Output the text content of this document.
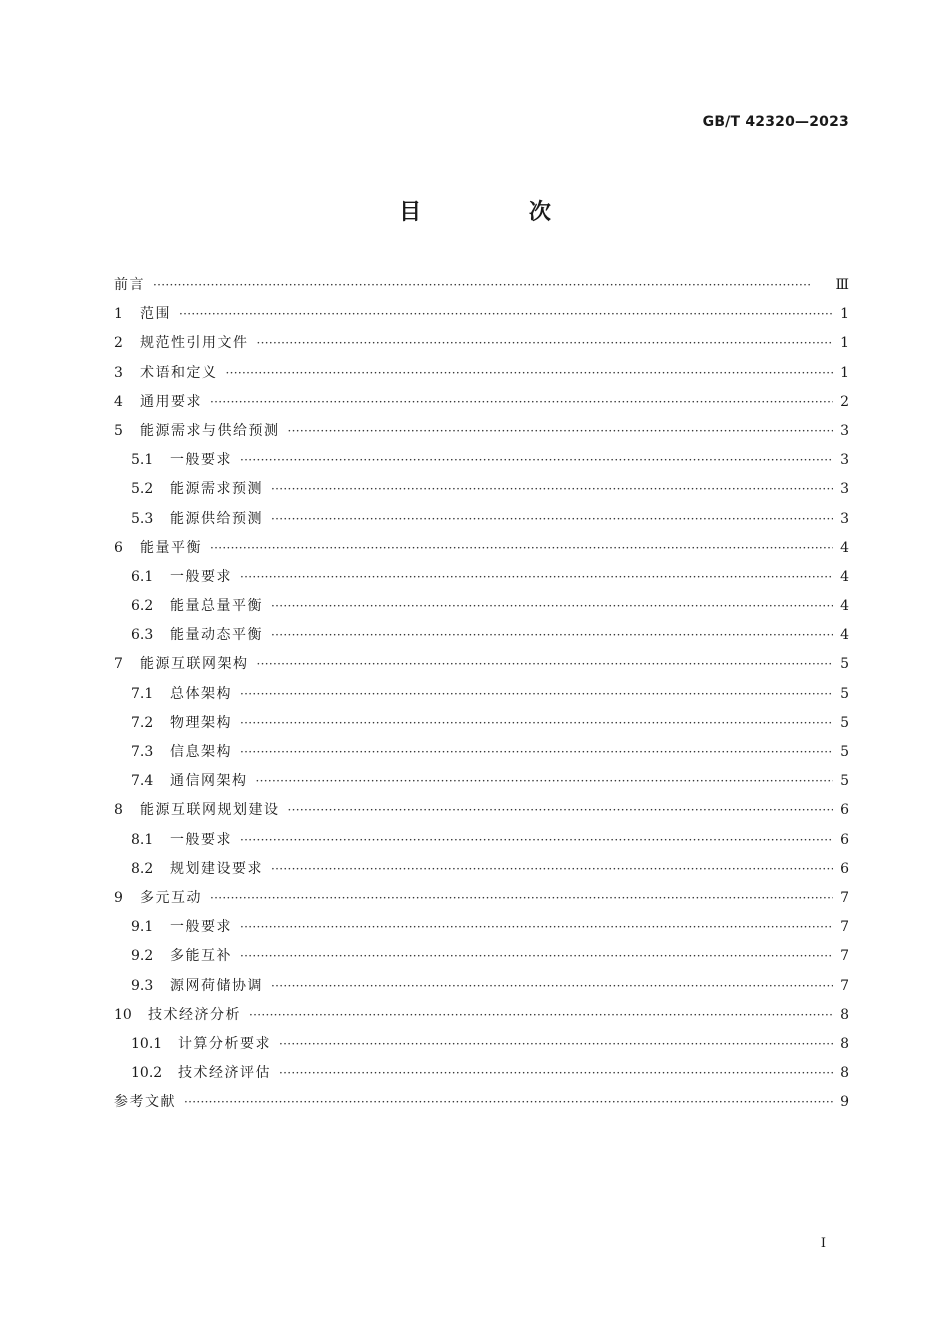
GB/T 42320—2023
目 次
前言 ·····	Ⅲ
1	范围 ·····	1
2	规范性引用文件 ·····	1
3	术语和定义 ·····	1
4	通用要求 ·····	2
5	能源需求与供给预测 ·····	3
5.1	一般要求 ·····	3
5.2	能源需求预测 ·····	3
5.3	能源供给预测 ·····	3
6	能量平衡 ·····	4
6.1	一般要求 ·····	4
6.2	能量总量平衡 ·····	4
6.3	能量动态平衡 ·····	4
7	能源互联网架构 ·····	5
7.1	总体架构 ·····	5
7.2	物理架构 ·····	5
7.3	信息架构 ·····	5
7.4	通信网架构 ·····	5
8	能源互联网规划建设 ·····	6
8.1	一般要求 ·····	6
8.2	规划建设要求 ·····	6
9	多元互动 ·····	7
9.1	一般要求 ·····	7
9.2	多能互补 ·····	7
9.3	源网荷储协调 ·····	7
10	技术经济分析 ·····	8
10.1	计算分析要求 ·····	8
10.2	技术经济评估 ·····	8
参考文献 ·····	9
Ⅰ
